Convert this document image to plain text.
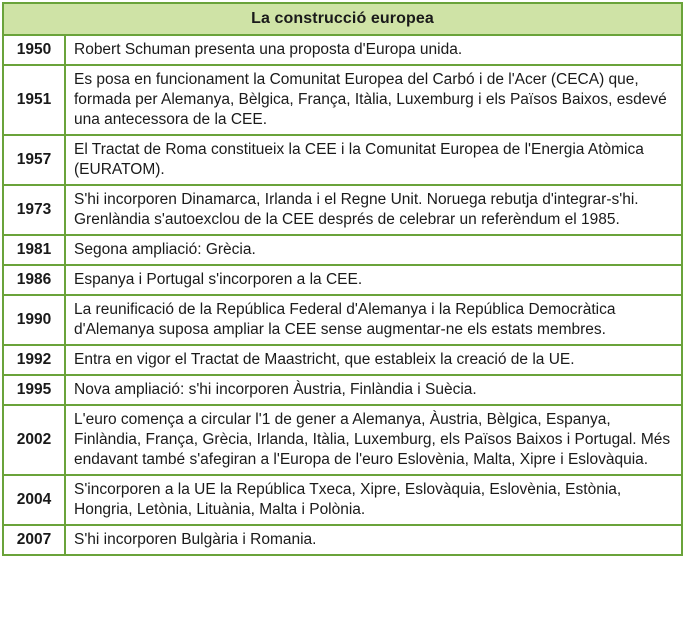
La construcció europea	
1950	Robert Schuman presenta una proposta d'Europa unida.

1951	Es posa en funcionament la Comunitat Europea del Carbó i de l'Acer (CECA) que,
formada per Alemanya, Bèlgica, França, Itàlia, Luxemburg i els Països Baixos, esdevé
una antecessora de la CEE.

1957	El Tractat de Roma constitueix la CEE i la Comunitat Europea de l'Energia Atòmica
(EURATOM).

1973	S'hi incorporen Dinamarca, Irlanda i el Regne Unit. Noruega rebutja d'integrar-s'hi.
Grenlàndia s'autoexclou de la CEE després de celebrar un referèndum el 1985.

1981	Segona ampliació: Grècia.

1986	Espanya i Portugal s'incorporen a la CEE.

1990	La reunificació de la República Federal d'Alemanya i la República Democràtica
d'Alemanya suposa ampliar la CEE sense augmentar-ne els estats membres.

1992	Entra en vigor el Tractat de Maastricht, que estableix la creació de la UE.

1995	Nova ampliació: s'hi incorporen Àustria, Finlàndia i Suècia.

2002	L'euro comença a circular l'1 de gener a Alemanya, Àustria, Bèlgica, Espanya,
Finlàndia, França, Grècia, Irlanda, Itàlia, Luxemburg, els Països Baixos i Portugal. Més
endavant també s'afegiran a l'Europa de l'euro Eslovènia, Malta, Xipre i Eslovàquia.

2004	S'incorporen a la UE la República Txeca, Xipre, Eslovàquia, Eslovènia, Estònia,
Hongria, Letònia, Lituània, Malta i Polònia.

2007	S'hi incorporen Bulgària i Romania.
